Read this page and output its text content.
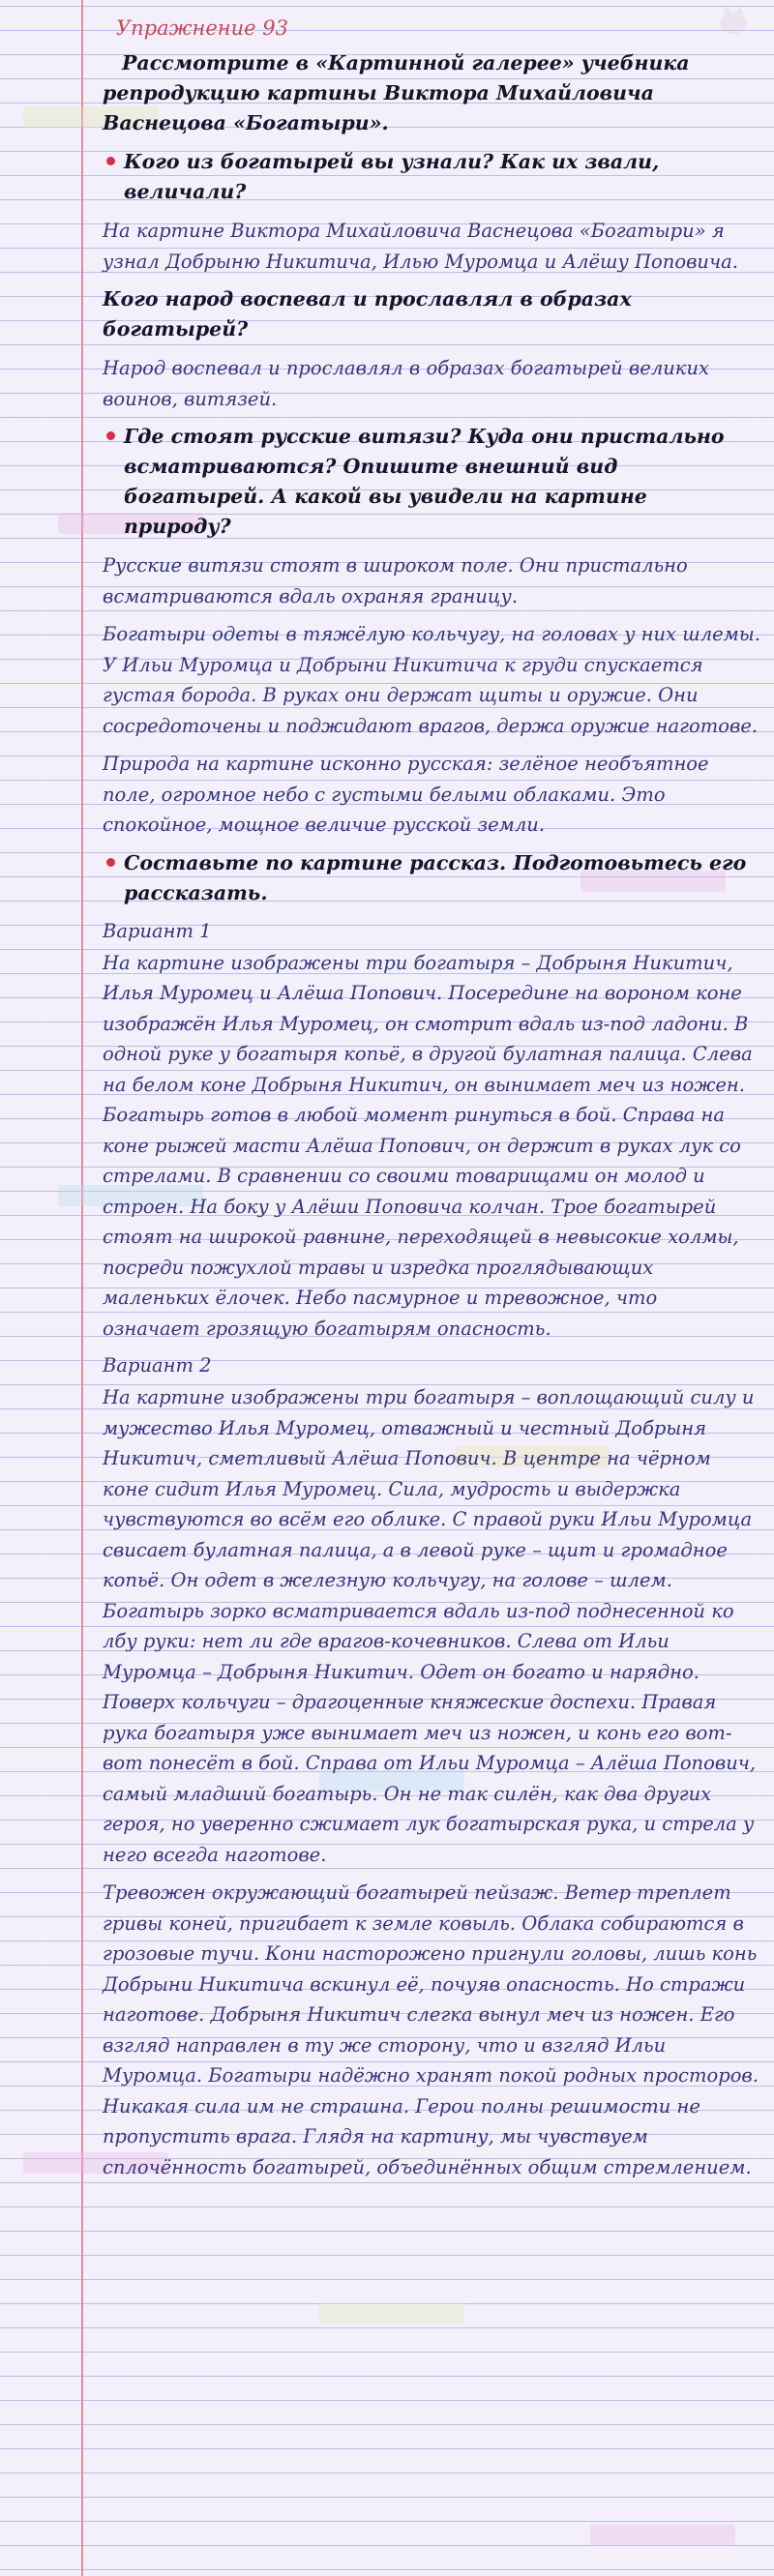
Упражнение 93
Рассмотрите в «Картинной галерее» учебника репродукцию картины Виктора Михайловича Васнецова «Богатыри».
Кого из богатырей вы узнали? Как их звали, величали?
На картине Виктора Михайловича Васнецова «Богатыри» я узнал Добрыню Никитича, Илью Муромца и Алёшу Поповича.
Кого народ воспевал и прославлял в образах богатырей?
Народ воспевал и прославлял в образах богатырей великих воинов, витязей.
Где стоят русские витязи? Куда они пристально всматриваются? Опишите внешний вид богатырей. А какой вы увидели на картине природу?
Русские витязи стоят в широком поле. Они пристально всматриваются вдаль охраняя границу.
Богатыри одеты в тяжёлую кольчугу, на головах у них шлемы. У Ильи Муромца и Добрыни Никитича к груди спускается густая борода. В руках они держат щиты и оружие. Они сосредоточены и поджидают врагов, держа оружие наготове.
Природа на картине исконно русская: зелёное необъятное поле, огромное небо с густыми белыми облаками. Это спокойное, мощное величие русской земли.
Составьте по картине рассказ. Подготовьтесь его рассказать.
Вариант 1
На картине изображены три богатыря – Добрыня Никитич, Илья Муромец и Алёша Попович. Посередине на вороном коне изображён Илья Муромец, он смотрит вдаль из-под ладони. В одной руке у богатыря копьё, в другой булатная палица. Слева на белом коне Добрыня Никитич, он вынимает меч из ножен. Богатырь готов в любой момент ринуться в бой. Справа на коне рыжей масти Алёша Попович, он держит в руках лук со стрелами. В сравнении со своими товарищами он молод и строен. На боку у Алёши Поповича колчан. Трое богатырей стоят на широкой равнине, переходящей в невысокие холмы, посреди пожухлой травы и изредка проглядывающих маленьких ёлочек. Небо пасмурное и тревожное, что означает грозящую богатырям опасность.
Вариант 2
На картине изображены три богатыря – воплощающий силу и мужество Илья Муромец, отважный и честный Добрыня Никитич, сметливый Алёша Попович. В центре на чёрном коне сидит Илья Муромец. Сила, мудрость и выдержка чувствуются во всём его облике. С правой руки Ильи Муромца свисает булатная палица, а в левой руке – щит и громадное копьё. Он одет в железную кольчугу, на голове – шлем. Богатырь зорко всматривается вдаль из-под поднесенной ко лбу руки: нет ли где врагов-кочевников. Слева от Ильи Муромца – Добрыня Никитич. Одет он богато и нарядно. Поверх кольчуги – драгоценные княжеские доспехи. Правая рука богатыря уже вынимает меч из ножен, и конь его вот-вот понесёт в бой. Справа от Ильи Муромца – Алёша Попович, самый младший богатырь. Он не так силён, как два других героя, но уверенно сжимает лук богатырская рука, и стрела у него всегда наготове.
Тревожен окружающий богатырей пейзаж. Ветер треплет гривы коней, пригибает к земле ковыль. Облака собираются в грозовые тучи. Кони насторожено пригнули головы, лишь конь Добрыни Никитича вскинул её, почуяв опасность. Но стражи наготове. Добрыня Никитич слегка вынул меч из ножен. Его взгляд направлен в ту же сторону, что и взгляд Ильи Муромца. Богатыри надёжно хранят покой родных просторов. Никакая сила им не страшна. Герои полны решимости не пропустить врага. Глядя на картину, мы чувствуем сплочённость богатырей, объединённых общим стремлением.
